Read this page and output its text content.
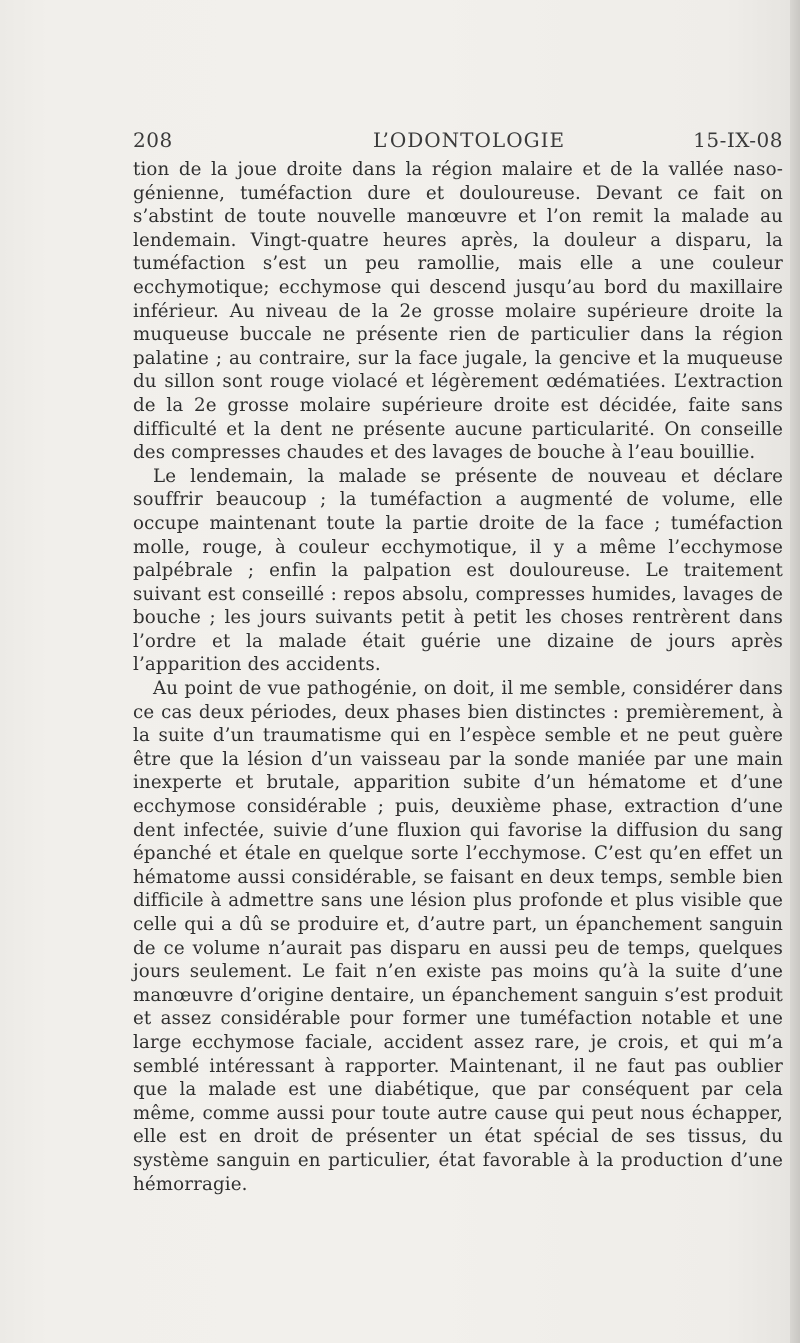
208	L’ODONTOLOGIE	15-IX-08

tion de la joue droite dans la région malaire et de la vallée naso-génienne, tuméfaction dure et douloureuse. Devant ce fait on s’abstint de toute nouvelle manœuvre et l’on remit la malade au lendemain. Vingt-quatre heures après, la douleur a disparu, la tuméfaction s’est un peu ramollie, mais elle a une couleur ecchymotique; ecchymose qui descend jusqu’au bord du maxillaire inférieur. Au niveau de la 2e grosse molaire supérieure droite la muqueuse buccale ne présente rien de particulier dans la région palatine ; au contraire, sur la face jugale, la gencive et la muqueuse du sillon sont rouge violacé et légèrement œdématiées. L’extraction de la 2e grosse molaire supérieure droite est décidée, faite sans difficulté et la dent ne présente aucune particularité. On conseille des compresses chaudes et des lavages de bouche à l’eau bouillie.

Le lendemain, la malade se présente de nouveau et déclare souffrir beaucoup ; la tuméfaction a augmenté de volume, elle occupe maintenant toute la partie droite de la face ; tuméfaction molle, rouge, à couleur ecchymotique, il y a même l’ecchymose palpébrale ; enfin la palpation est douloureuse. Le traitement suivant est conseillé : repos absolu, compresses humides, lavages de bouche ; les jours suivants petit à petit les choses rentrèrent dans l’ordre et la malade était guérie une dizaine de jours après l’apparition des accidents.

Au point de vue pathogénie, on doit, il me semble, considérer dans ce cas deux périodes, deux phases bien distinctes : premièrement, à la suite d’un traumatisme qui en l’espèce semble et ne peut guère être que la lésion d’un vaisseau par la sonde maniée par une main inexperte et brutale, apparition subite d’un hématome et d’une ecchymose considérable ; puis, deuxième phase, extraction d’une dent infectée, suivie d’une fluxion qui favorise la diffusion du sang épanché et étale en quelque sorte l’ecchymose. C’est qu’en effet un hématome aussi considérable, se faisant en deux temps, semble bien difficile à admettre sans une lésion plus profonde et plus visible que celle qui a dû se produire et, d’autre part, un épanchement sanguin de ce volume n’aurait pas disparu en aussi peu de temps, quelques jours seulement. Le fait n’en existe pas moins qu’à la suite d’une manœuvre d’origine dentaire, un épanchement sanguin s’est produit et assez considérable pour former une tuméfaction notable et une large ecchymose faciale, accident assez rare, je crois, et qui m’a semblé intéressant à rapporter. Maintenant, il ne faut pas oublier que la malade est une diabétique, que par conséquent par cela même, comme aussi pour toute autre cause qui peut nous échapper, elle est en droit de présenter un état spécial de ses tissus, du système sanguin en particulier, état favorable à la production d’une hémorragie.
